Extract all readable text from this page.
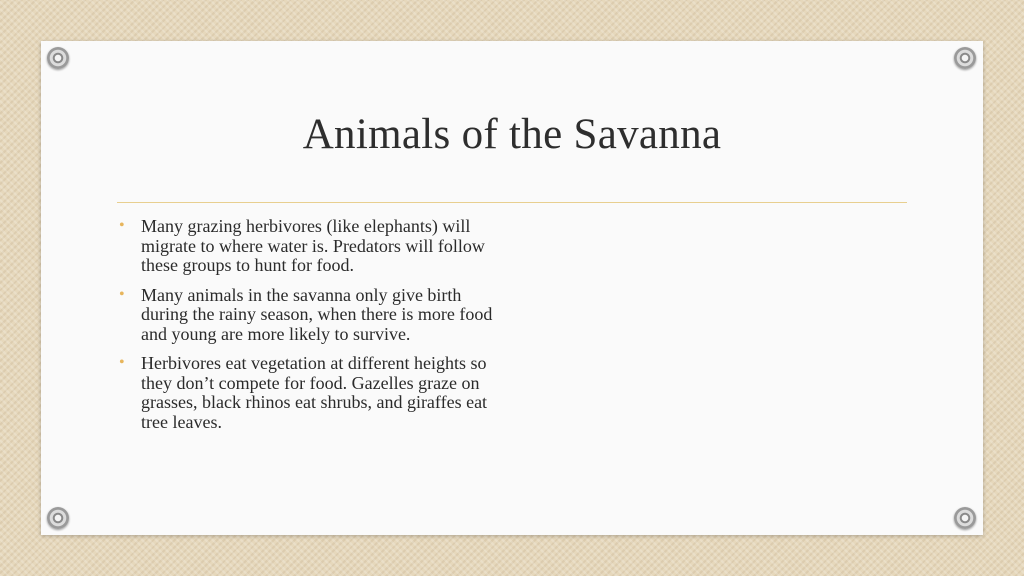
Animals of the Savanna
• Many grazing herbivores (like elephants) will migrate to where water is. Predators will follow these groups to hunt for food.
• Many animals in the savanna only give birth during the rainy season, when there is more food and young are more likely to survive.
• Herbivores eat vegetation at different heights so they don’t compete for food. Gazelles graze on grasses, black rhinos eat shrubs, and giraffes eat tree leaves.
